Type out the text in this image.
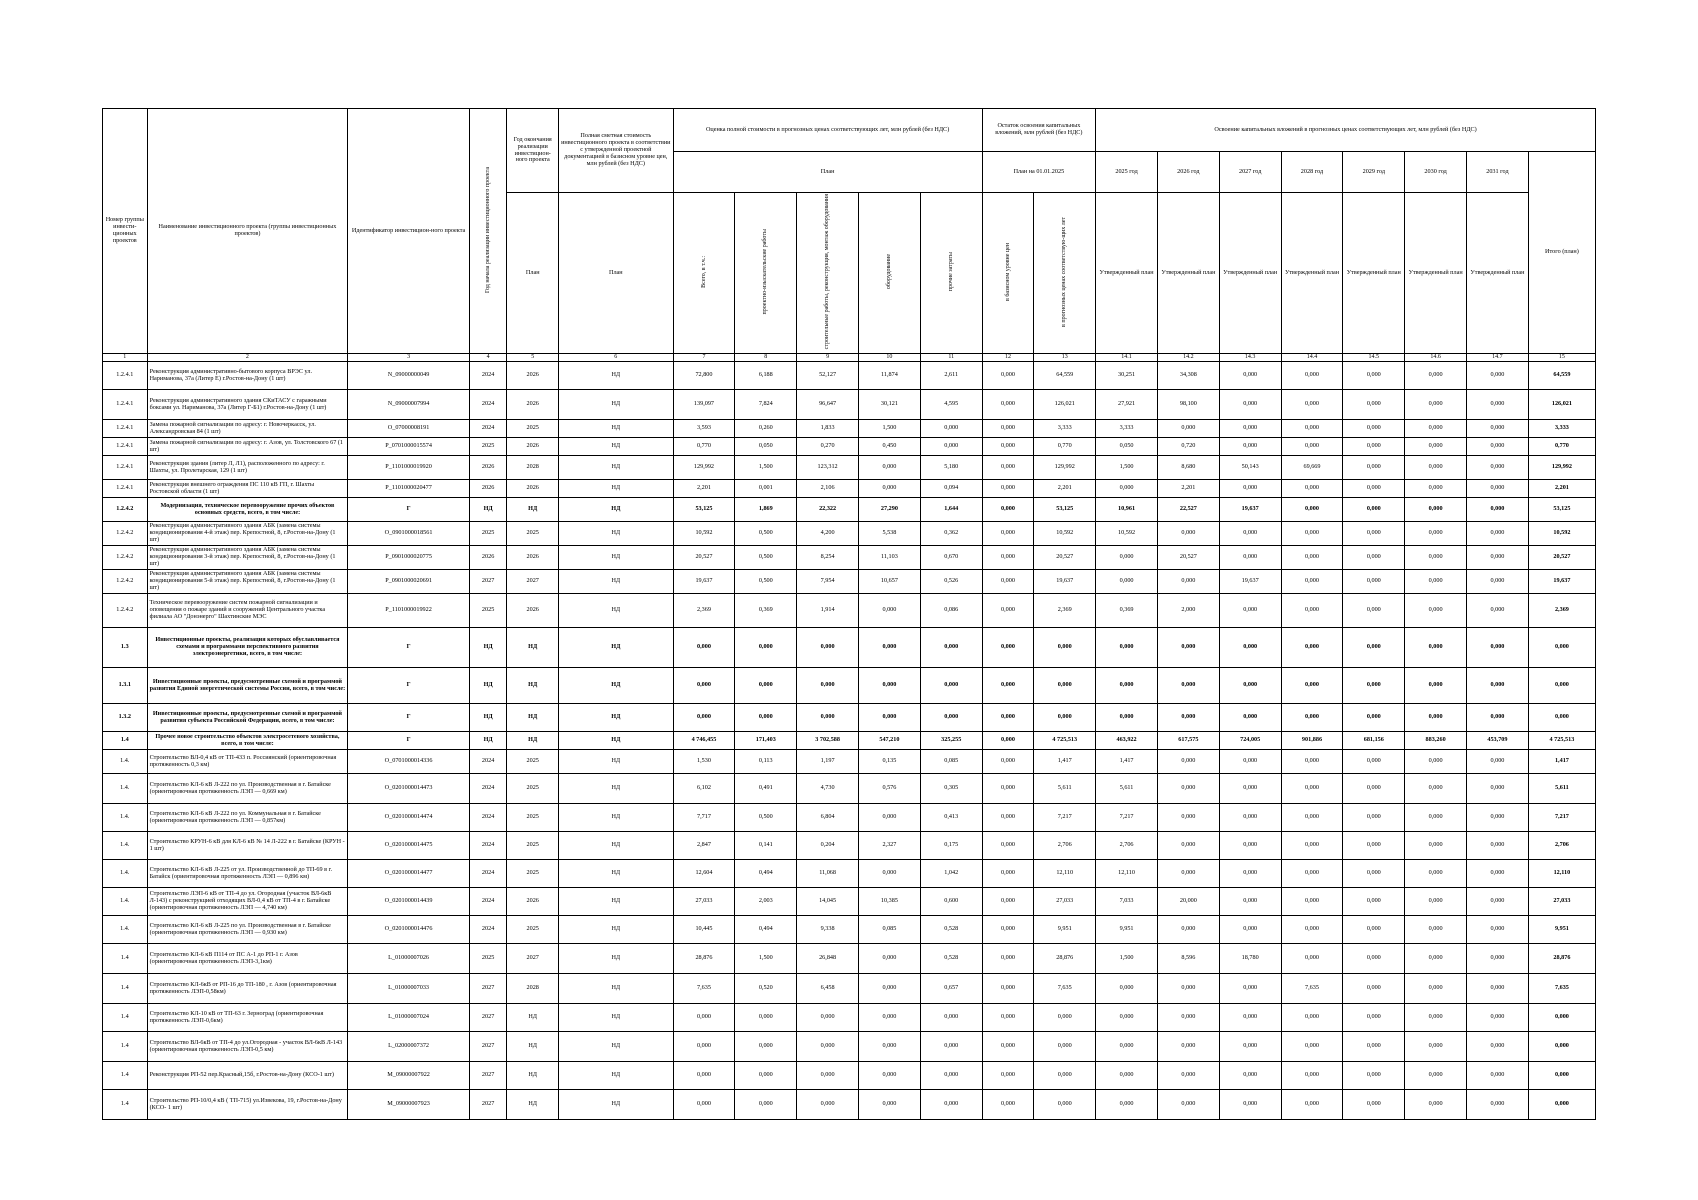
Номер группы инвести-ционных проектов	Наименование инвестиционного проекта (группы инвестиционных проектов)	Идентификатор инвестицион-ного проекта	Год начала реализации инвестиционного проекта	Год окончания реализации инвестицион-ного проекта	Полная сметная стоимость инвестиционного проекта в соответствии с утвержденной проектной документацией в базисном уровне цен, млн рублей (без НДС)	Оценка полной стоимости в прогнозных ценах соответствующих лет, млн рублей (без НДС)					Остаток освоения капитальных вложений, млн рублей (без НДС)		Освоение капитальных вложений в прогнозных ценах соответствующих лет, млн рублей (без НДС)							
						План					План на 01.01.2025		2025 год	2026 год	2027 год	2028 год	2029 год	2030 год	2031 год	Итого (план)
				План	План	Всего, в т.ч.:	проектно-изыскательские работы	строительные работы, реконструкция, монтаж оборудования	оборудование	прочие затраты	в базисном уровне цен	в прогнозных ценах соответствую-щих лет	Утвержденный план	Утвержденный план	Утвержденный план	Утвержденный план	Утвержденный план	Утвержденный план	Утвержденный план	
1	2	3	4	5	6	7	8	9	10	11	12	13	14.1	14.2	14.3	14.4	14.5	14.6	14.7	15
1.2.4.1	Реконструкция административно-бытового корпуса ВРЭС ул. Нариманова, 37а (Литер Е) г.Ростов-на-Дону (1 шт)	N_09000000049	2024	2026	НД	72,800	6,188	52,127	11,874	2,611	0,000	64,559	30,251	34,308	0,000	0,000	0,000	0,000	0,000	64,559
1.2.4.1	Реконструкция административного здания СКиТАСУ с гаражными боксами ул. Нариманова, 37а (Литер Г-Б1) г.Ростов-на-Дону (1 шт)	N_09000007994	2024	2026	НД	139,097	7,824	96,647	30,121	4,595	0,000	126,021	27,921	98,100	0,000	0,000	0,000	0,000	0,000	126,021
1.2.4.1	Замена пожарной сигнализации по адресу: г. Новочеркасск, ул. Александровская 84 (1 шт)	O_07000008191	2024	2025	НД	3,593	0,260	1,833	1,500	0,000	0,000	3,333	3,333	0,000	0,000	0,000	0,000	0,000	0,000	3,333
1.2.4.1	Замена пожарной сигнализации по адресу: г. Азов, ул. Толстовского 67 (1 шт)	P_0701000015574	2025	2026	НД	0,770	0,050	0,270	0,450	0,000	0,000	0,770	0,050	0,720	0,000	0,000	0,000	0,000	0,000	0,770
1.2.4.1	Реконструкция здания (литер Л, Л1), расположенного по адресу: г. Шахты, ул. Пролетарская, 129 (1 шт)	P_1101000019920	2026	2028	НД	129,992	1,500	123,312	0,000	5,180	0,000	129,992	1,500	8,680	50,143	69,669	0,000	0,000	0,000	129,992
1.2.4.1	Реконструкция внешнего ограждения ПС 110 кВ ГП, г. Шахты Ростовской области (1 шт)	P_1101000020477	2026	2026	НД	2,201	0,001	2,106	0,000	0,094	0,000	2,201	0,000	2,201	0,000	0,000	0,000	0,000	0,000	2,201
1.2.4.2	Модернизация, техническое перевооружение прочих объектов основных средств, всего, в том числе:	Г	НД	НД	НД	53,125	1,869	22,322	27,290	1,644	0,000	53,125	10,961	22,527	19,637	0,000	0,000	0,000	0,000	53,125
1.2.4.2	Реконструкция административного здания АБК (замена системы кондиционирования 4-й этаж) пер. Крепостной, 8, г.Ростов-на-Дону (1 шт)	O_0901000018561	2025	2025	НД	10,592	0,500	4,200	5,538	0,362	0,000	10,592	10,592	0,000	0,000	0,000	0,000	0,000	0,000	10,592
1.2.4.2	Реконструкция административного здания АБК (замена системы кондиционирования 3-й этаж) пер. Крепостной, 8, г.Ростов-на-Дону (1 шт)	P_0901000020775	2026	2026	НД	20,527	0,500	8,254	11,103	0,670	0,000	20,527	0,000	20,527	0,000	0,000	0,000	0,000	0,000	20,527
1.2.4.2	Реконструкция административного здания АБК (замена системы кондиционирования 5-й этаж) пер. Крепостной, 8, г.Ростов-на-Дону (1 шт)	P_0901000020691	2027	2027	НД	19,637	0,500	7,954	10,657	0,526	0,000	19,637	0,000	0,000	19,637	0,000	0,000	0,000	0,000	19,637
1.2.4.2	Техническое перевооружение систем пожарной сигнализации и оповещения о пожаре зданий и сооружений Центрального участка филиала АО "Донэнерго" Шахтинские МЭС	P_1101000019922	2025	2026	НД	2,369	0,369	1,914	0,000	0,086	0,000	2,369	0,369	2,000	0,000	0,000	0,000	0,000	0,000	2,369
1.3	Инвестиционные проекты, реализация которых обуславливается схемами и программами перспективного развития электроэнергетики, всего, в том числе:	Г	НД	НД	НД	0,000	0,000	0,000	0,000	0,000	0,000	0,000	0,000	0,000	0,000	0,000	0,000	0,000	0,000	0,000
1.3.1	Инвестиционные проекты, предусмотренные схемой и программой развития Единой энергетической системы России, всего, в том числе:	Г	НД	НД	НД	0,000	0,000	0,000	0,000	0,000	0,000	0,000	0,000	0,000	0,000	0,000	0,000	0,000	0,000	0,000
1.3.2	Инвестиционные проекты, предусмотренные схемой и программой развития субъекта Российской Федерации, всего, в том числе:	Г	НД	НД	НД	0,000	0,000	0,000	0,000	0,000	0,000	0,000	0,000	0,000	0,000	0,000	0,000	0,000	0,000	0,000
1.4	Прочее новое строительство объектов электросетевого хозяйства, всего, в том числе:	Г	НД	НД	НД	4 746,455	171,403	3 702,588	547,210	325,255	0,000	4 725,513	463,922	617,575	724,005	901,886	681,156	883,260	453,709	4 725,513
1.4.	Строительство ВЛ-0,4 кВ от ТП-433 п. Россиянский (ориентировочная протяженность 0,3 км)	O_0701000014336	2024	2025	НД	1,530	0,113	1,197	0,135	0,085	0,000	1,417	1,417	0,000	0,000	0,000	0,000	0,000	0,000	1,417
1.4.	Строительство КЛ-6 кВ Л-222 по ул. Производственная в г. Батайске (ориентировочная протяженность ЛЭП — 0,669 км)	O_0201000014473	2024	2025	НД	6,102	0,491	4,730	0,576	0,305	0,000	5,611	5,611	0,000	0,000	0,000	0,000	0,000	0,000	5,611
1.4.	Строительство КЛ-6 кВ Л-222 по ул. Коммунальная в г. Батайске (ориентировочная протяженность ЛЭП — 0,857км)	O_0201000014474	2024	2025	НД	7,717	0,500	6,804	0,000	0,413	0,000	7,217	7,217	0,000	0,000	0,000	0,000	0,000	0,000	7,217
1.4.	Строительство КРУН-6 кВ для КЛ-6 кВ № 14 Л-222 в г. Батайске (КРУН - 1 шт)	O_0201000014475	2024	2025	НД	2,847	0,141	0,204	2,327	0,175	0,000	2,706	2,706	0,000	0,000	0,000	0,000	0,000	0,000	2,706
1.4.	Строительство КЛ-6 кВ Л-225 от ул. Производственной до ТП-69 в г. Батайск (ориентировочная протяженность ЛЭП — 0,896 км)	O_0201000014477	2024	2025	НД	12,604	0,494	11,068	0,000	1,042	0,000	12,110	12,110	0,000	0,000	0,000	0,000	0,000	0,000	12,110
1.4.	Строительство ЛЭП-6 кВ от ТП-4 до ул. Огородная (участок ВЛ-6кВ Л-143) с реконструкцией отходящих ВЛ-0,4 кВ от ТП-4 в г. Батайске (ориентировочная протяженность ЛЭП — 4,740 км)	O_0201000014439	2024	2026	НД	27,033	2,003	14,045	10,385	0,600	0,000	27,033	7,033	20,000	0,000	0,000	0,000	0,000	0,000	27,033
1.4.	Строительство КЛ-6 кВ Л-225 по ул. Производственная в г. Батайске (ориентировочная протяженность ЛЭП — 0,930 км)	O_0201000014476	2024	2025	НД	10,445	0,494	9,338	0,085	0,528	0,000	9,951	9,951	0,000	0,000	0,000	0,000	0,000	0,000	9,951
1.4	Строительство КЛ-6 кВ П114 от ПС А-1 до РП-1 г. Азов (ориентировочная протяженность ЛЭП-3,1км)	L_01000007026	2025	2027	НД	28,876	1,500	26,848	0,000	0,528	0,000	28,876	1,500	8,596	18,780	0,000	0,000	0,000	0,000	28,876
1.4	Строительство КЛ-6кВ от РП-16 до ТП-180 , г. Азов (ориентировочная протяженность ЛЭП-0,58км)	L_01000007033	2027	2028	НД	7,635	0,520	6,458	0,000	0,657	0,000	7,635	0,000	0,000	0,000	7,635	0,000	0,000	0,000	7,635
1.4	Строительство КЛ-10 кВ от ТП-63 г. Зерноград (ориентировочная протяженность ЛЭП-0,6км)	L_01000007024	2027	НД	НД	0,000	0,000	0,000	0,000	0,000	0,000	0,000	0,000	0,000	0,000	0,000	0,000	0,000	0,000	0,000
1.4	Строительство ВЛ-6кВ от ТП-4 до ул.Огородная - участок ВЛ-6кВ Л-143 (ориентировочная протяженность ЛЭП-0,5 км)	L_02000007372	2027	НД	НД	0,000	0,000	0,000	0,000	0,000	0,000	0,000	0,000	0,000	0,000	0,000	0,000	0,000	0,000	0,000
1.4	Реконструкция РП-52 пер.Красный,15б, г.Ростов-на-Дону (КСО-1 шт)	M_09000007922	2027	НД	НД	0,000	0,000	0,000	0,000	0,000	0,000	0,000	0,000	0,000	0,000	0,000	0,000	0,000	0,000	0,000
1.4	Строительство РП-10/0,4 кВ ( ТП-715) ул.Извекова, 19, г.Ростов-на-Дону (КСО- 1 шт)	M_09000007923	2027	НД	НД	0,000	0,000	0,000	0,000	0,000	0,000	0,000	0,000	0,000	0,000	0,000	0,000	0,000	0,000	0,000
